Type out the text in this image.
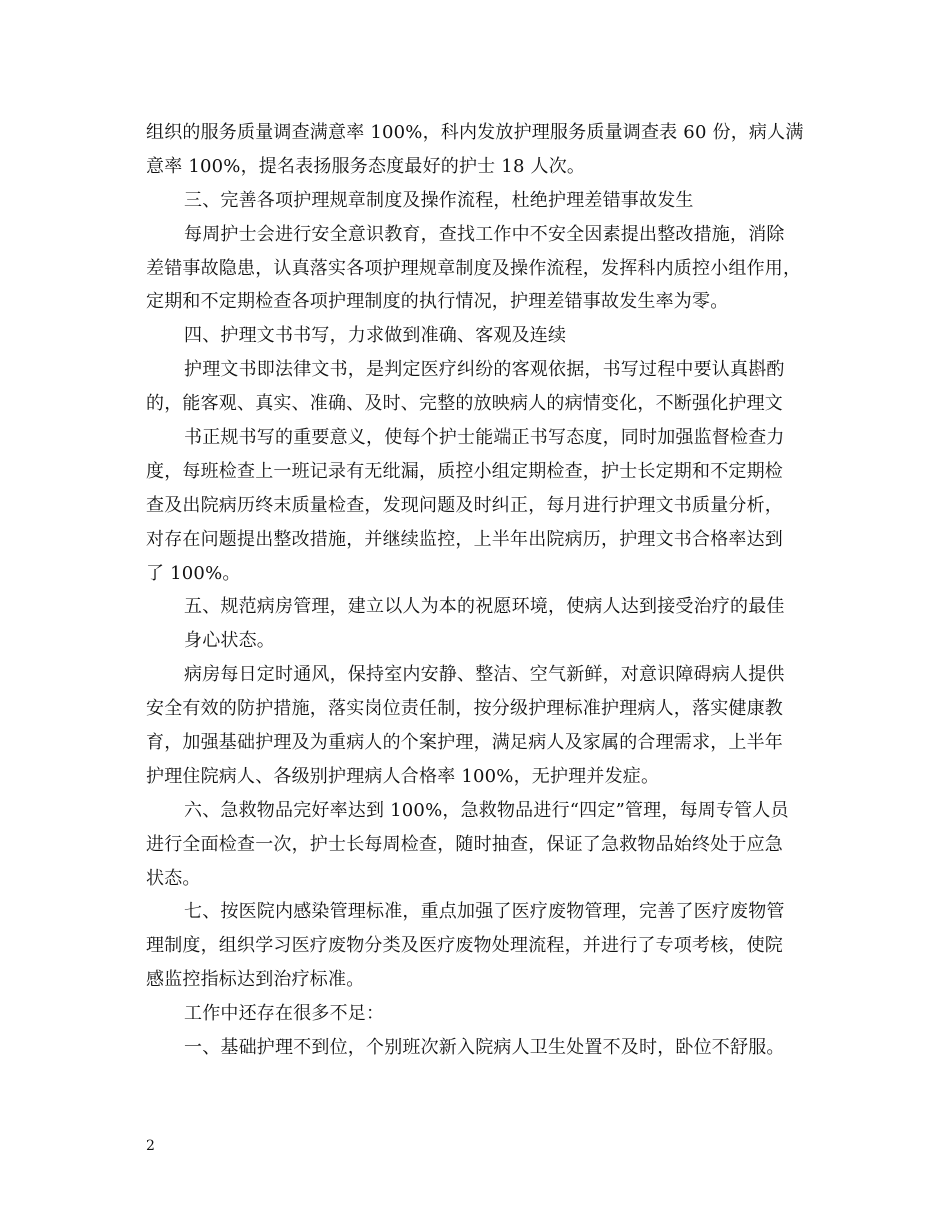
组织的服务质量调查满意率 100%，科内发放护理服务质量调查表 60 份，病人满
意率 100%，提名表扬服务态度最好的护士 18 人次。
三、完善各项护理规章制度及操作流程，杜绝护理差错事故发生
每周护士会进行安全意识教育，查找工作中不安全因素提出整改措施，消除
差错事故隐患，认真落实各项护理规章制度及操作流程，发挥科内质控小组作用，
定期和不定期检查各项护理制度的执行情况，护理差错事故发生率为零。
四、护理文书书写，力求做到准确、客观及连续
护理文书即法律文书，是判定医疗纠纷的客观依据，书写过程中要认真斟酌
的，能客观、真实、准确、及时、完整的放映病人的病情变化，不断强化护理文
书正规书写的重要意义，使每个护士能端正书写态度，同时加强监督检查力
度，每班检查上一班记录有无纰漏，质控小组定期检查，护士长定期和不定期检
查及出院病历终末质量检查，发现问题及时纠正，每月进行护理文书质量分析，
对存在问题提出整改措施，并继续监控，上半年出院病历，护理文书合格率达到
了 100%。
五、规范病房管理，建立以人为本的祝愿环境，使病人达到接受治疗的最佳
身心状态。
病房每日定时通风，保持室内安静、整洁、空气新鲜，对意识障碍病人提供
安全有效的防护措施，落实岗位责任制，按分级护理标准护理病人，落实健康教
育，加强基础护理及为重病人的个案护理，满足病人及家属的合理需求，上半年
护理住院病人、各级别护理病人合格率 100%，无护理并发症。
六、急救物品完好率达到 100%，急救物品进行“四定”管理，每周专管人员
进行全面检查一次，护士长每周检查，随时抽查，保证了急救物品始终处于应急
状态。
七、按医院内感染管理标准，重点加强了医疗废物管理，完善了医疗废物管
理制度，组织学习医疗废物分类及医疗废物处理流程，并进行了专项考核，使院
感监控指标达到治疗标准。
工作中还存在很多不足：
一、基础护理不到位，个别班次新入院病人卫生处置不及时，卧位不舒服。
2
